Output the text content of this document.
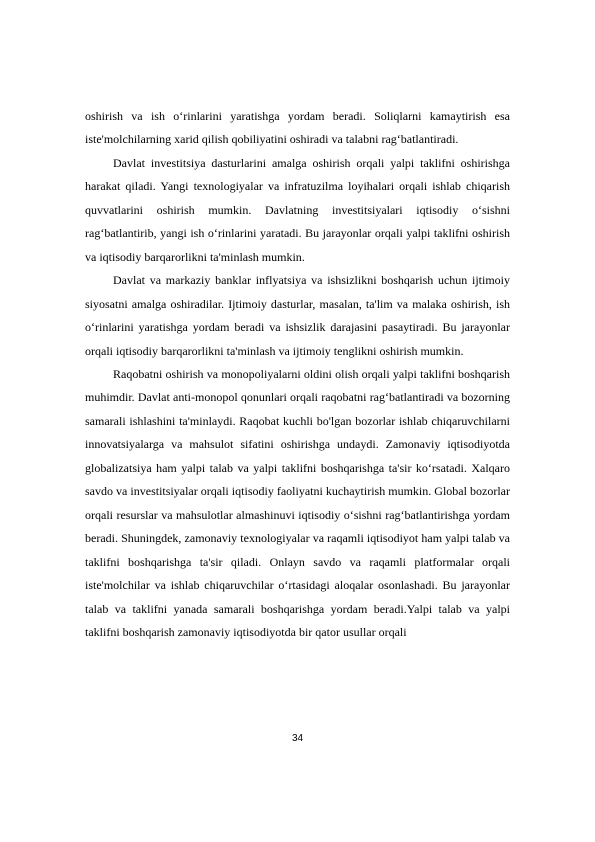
oshirish va ish o‘rinlarini yaratishga yordam beradi. Soliqlarni kamaytirish esa iste'molchilarning xarid qilish qobiliyatini oshiradi va talabni rag‘batlantiradi.

Davlat investitsiya dasturlarini amalga oshirish orqali yalpi taklifni oshirishga harakat qiladi. Yangi texnologiyalar va infratuzilma loyihalari orqali ishlab chiqarish quvvatlarini oshirish mumkin. Davlatning investitsiyalari iqtisodiy o‘sishni rag‘batlantirib, yangi ish o‘rinlarini yaratadi. Bu jarayonlar orqali yalpi taklifni oshirish va iqtisodiy barqarorlikni ta'minlash mumkin.

Davlat va markaziy banklar inflyatsiya va ishsizlikni boshqarish uchun ijtimoiy siyosatni amalga oshiradilar. Ijtimoiy dasturlar, masalan, ta'lim va malaka oshirish, ish o‘rinlarini yaratishga yordam beradi va ishsizlik darajasini pasaytiradi. Bu jarayonlar orqali iqtisodiy barqarorlikni ta'minlash va ijtimoiy tenglikni oshirish mumkin.

Raqobatni oshirish va monopoliyalarni oldini olish orqali yalpi taklifni boshqarish muhimdir. Davlat anti-monopol qonunlari orqali raqobatni rag‘batlantiradi va bozorning samarali ishlashini ta'minlaydi. Raqobat kuchli bo'lgan bozorlar ishlab chiqaruvchilarni innovatsiyalarga va mahsulot sifatini oshirishga undaydi. Zamonaviy iqtisodiyotda globalizatsiya ham yalpi talab va yalpi taklifni boshqarishga ta'sir ko‘rsatadi. Xalqaro savdo va investitsiyalar orqali iqtisodiy faoliyatni kuchaytirish mumkin. Global bozorlar orqali resurslar va mahsulotlar almashinuvi iqtisodiy o‘sishni rag‘batlantirishga yordam beradi. Shuningdek, zamonaviy texnologiyalar va raqamli iqtisodiyot ham yalpi talab va taklifni boshqarishga ta'sir qiladi. Onlayn savdo va raqamli platformalar orqali iste'molchilar va ishlab chiqaruvchilar o‘rtasidagi aloqalar osonlashadi. Bu jarayonlar talab va taklifni yanada samarali boshqarishga yordam beradi.Yalpi talab va yalpi taklifni boshqarish zamonaviy iqtisodiyotda bir qator usullar orqali

34
